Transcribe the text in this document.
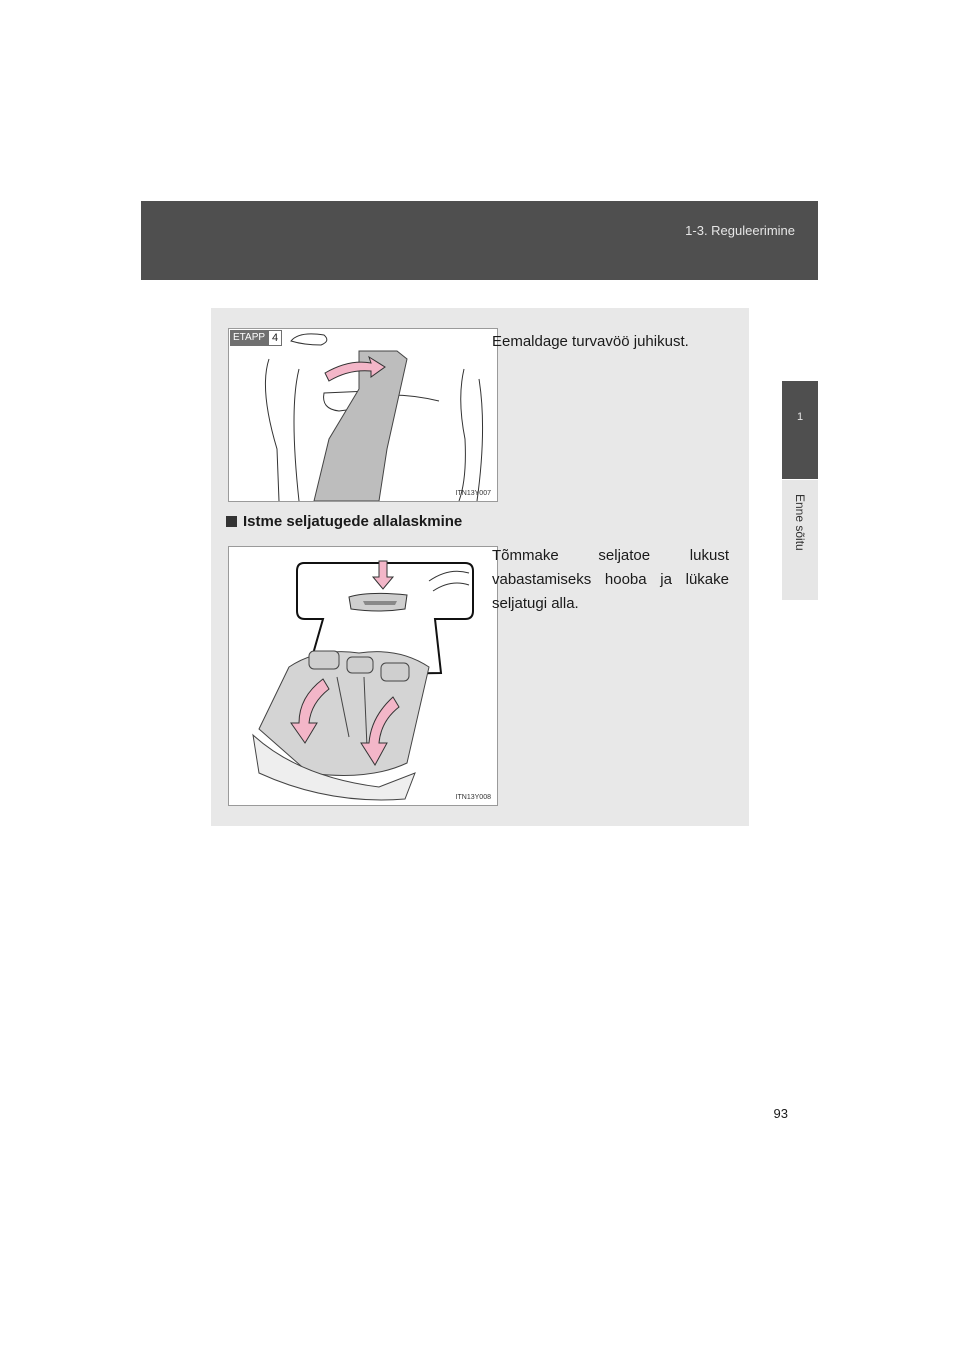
1-3. Reguleerimine
1
Enne sõitu
ETAPP 4
ITN13Y007
Eemaldage turvavöö juhikust.
Istme seljatugede allalaskmine
ITN13Y008
Tõmmake seljatoe lukust vabastamiseks hooba ja lükake seljatugi alla.
93
